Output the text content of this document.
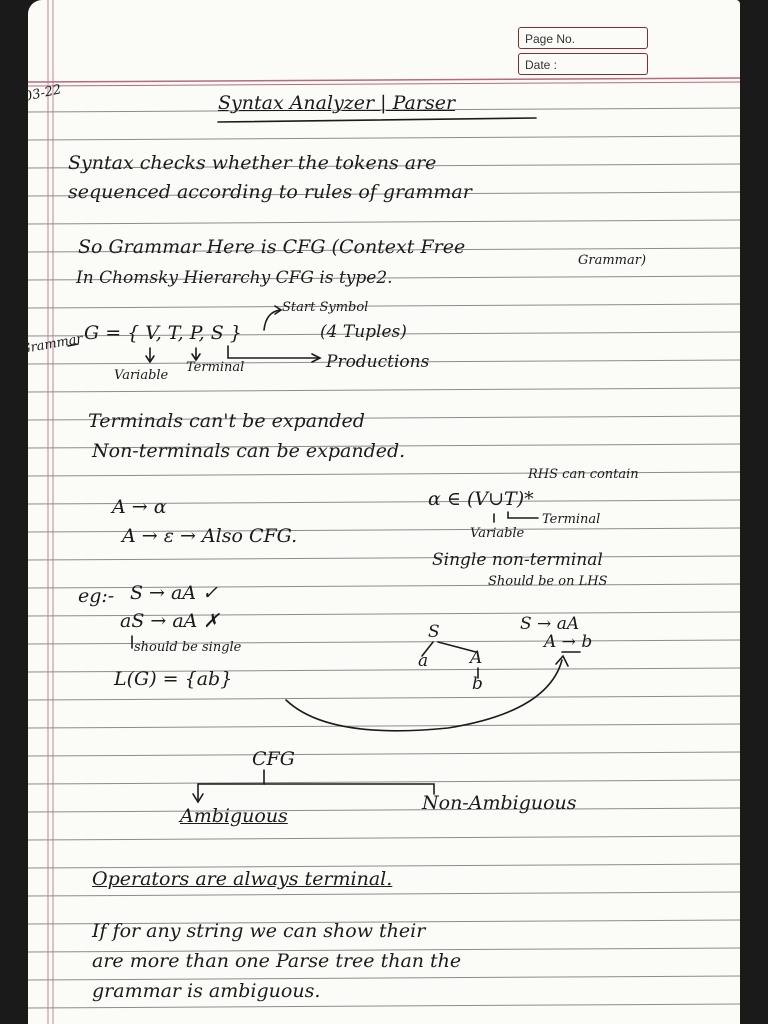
Page No.
Date :
03-22	Syntax Analyzer | Parser
Syntax checks whether the tokens are
sequenced according to rules of grammar
So Grammar Here is CFG (Context Free
Grammar)
In Chomsky Hierarchy CFG is type2.
Start Symbol
Grammar G = { V, T, P, S }	(4 Tuples)
Variable
Terminal	Productions
Terminals can't be expanded
Non-terminals can be expanded.
RHS can contain
A → α	α ∈ (V∪T)*
Terminal
Variable
A → ε → Also CFG.
Single non-terminal
Should be on LHS
eg:- S → aA ✓
aS → aA ✗
should be single
S → aA
A → b
S
a A
b
L(G) = {ab}
CFG
Ambiguous
Non-Ambiguous
Operators are always terminal.
If for any string we can show their
are more than one Parse tree than the
grammar is ambiguous.
